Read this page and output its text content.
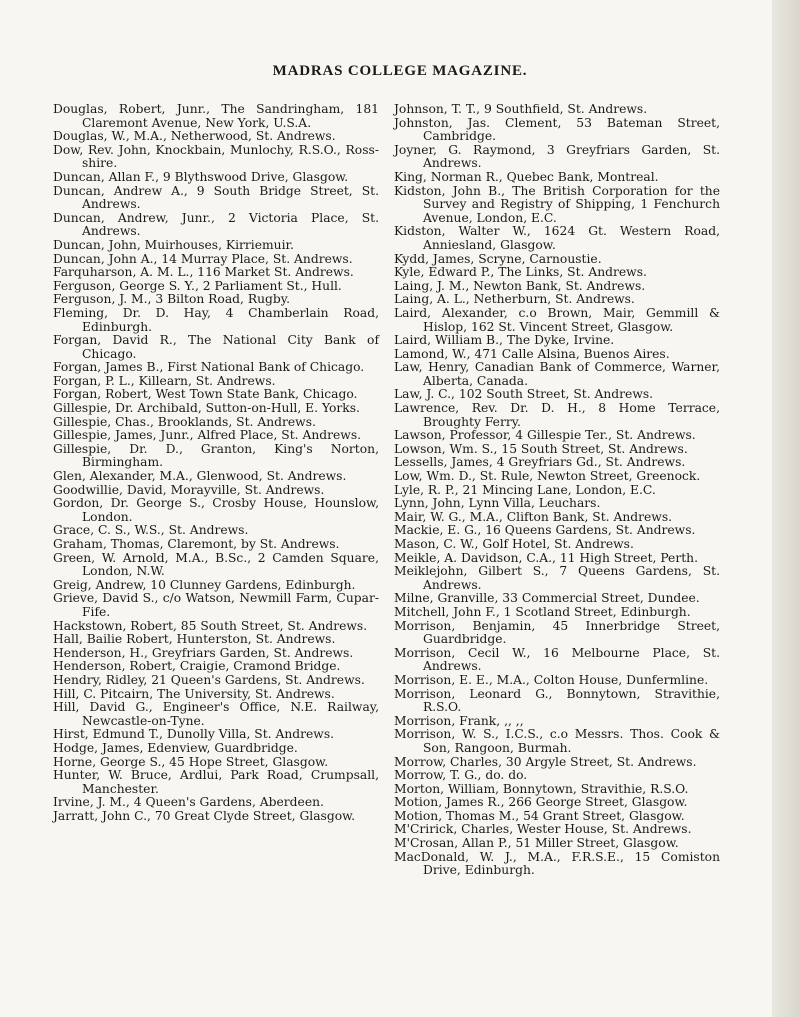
MADRAS COLLEGE MAGAZINE.

Douglas, Robert, Junr., The Sandringham, 181 Claremont Avenue, New York, U.S.A.

Douglas, W., M.A., Netherwood, St. Andrews.

Dow, Rev. John, Knockbain, Munlochy, R.S.O., Ross-shire.

Duncan, Allan F., 9 Blythswood Drive, Glasgow.

Duncan, Andrew A., 9 South Bridge Street, St. Andrews.

Duncan, Andrew, Junr., 2 Victoria Place, St. Andrews.

Duncan, John, Muirhouses, Kirriemuir.

Duncan, John A., 14 Murray Place, St. Andrews.

Farquharson, A. M. L., 116 Market St. Andrews.

Ferguson, George S. Y., 2 Parliament St., Hull.

Ferguson, J. M., 3 Bilton Road, Rugby.

Fleming, Dr. D. Hay, 4 Chamberlain Road, Edinburgh.

Forgan, David R., The National City Bank of Chicago.

Forgan, James B., First National Bank of Chicago.

Forgan, P. L., Killearn, St. Andrews.

Forgan, Robert, West Town State Bank, Chicago.

Gillespie, Dr. Archibald, Sutton-on-Hull, E. Yorks.

Gillespie, Chas., Brooklands, St. Andrews.

Gillespie, James, Junr., Alfred Place, St. Andrews.

Gillespie, Dr. D., Granton, King's Norton, Birmingham.

Glen, Alexander, M.A., Glenwood, St. Andrews.

Goodwillie, David, Morayville, St. Andrews.

Gordon, Dr. George S., Crosby House, Hounslow, London.

Grace, C. S., W.S., St. Andrews.

Graham, Thomas, Claremont, by St. Andrews.

Green, W. Arnold, M.A., B.Sc., 2 Camden Square, London, N.W.

Greig, Andrew, 10 Clunney Gardens, Edinburgh.

Grieve, David S., c/o Watson, Newmill Farm, Cupar-Fife.

Hackstown, Robert, 85 South Street, St. Andrews.

Hall, Bailie Robert, Hunterston, St. Andrews.

Henderson, H., Greyfriars Garden, St. Andrews.

Henderson, Robert, Craigie, Cramond Bridge.

Hendry, Ridley, 21 Queen's Gardens, St. Andrews.

Hill, C. Pitcairn, The University, St. Andrews.

Hill, David G., Engineer's Office, N.E. Railway, Newcastle-on-Tyne.

Hirst, Edmund T., Dunolly Villa, St. Andrews.

Hodge, James, Edenview, Guardbridge.

Horne, George S., 45 Hope Street, Glasgow.

Hunter, W. Bruce, Ardlui, Park Road, Crumpsall, Manchester.

Irvine, J. M., 4 Queen's Gardens, Aberdeen.

Jarratt, John C., 70 Great Clyde Street, Glasgow.

Johnson, T. T., 9 Southfield, St. Andrews.

Johnston, Jas. Clement, 53 Bateman Street, Cambridge.

Joyner, G. Raymond, 3 Greyfriars Garden, St. Andrews.

King, Norman R., Quebec Bank, Montreal.

Kidston, John B., The British Corporation for the Survey and Registry of Shipping, 1 Fenchurch Avenue, London, E.C.

Kidston, Walter W., 1624 Gt. Western Road, Anniesland, Glasgow.

Kydd, James, Scryne, Carnoustie.

Kyle, Edward P., The Links, St. Andrews.

Laing, J. M., Newton Bank, St. Andrews.

Laing, A. L., Netherburn, St. Andrews.

Laird, Alexander, c.o Brown, Mair, Gemmill & Hislop, 162 St. Vincent Street, Glasgow.

Laird, William B., The Dyke, Irvine.

Lamond, W., 471 Calle Alsina, Buenos Aires.

Law, Henry, Canadian Bank of Commerce, Warner, Alberta, Canada.

Law, J. C., 102 South Street, St. Andrews.

Lawrence, Rev. Dr. D. H., 8 Home Terrace, Broughty Ferry.

Lawson, Professor, 4 Gillespie Ter., St. Andrews.

Lowson, Wm. S., 15 South Street, St. Andrews.

Lessells, James, 4 Greyfriars Gd., St. Andrews.

Low, Wm. D., St. Rule, Newton Street, Greenock.

Lyle, R. P., 21 Mincing Lane, London, E.C.

Lynn, John, Lynn Villa, Leuchars.

Mair, W. G., M.A., Clifton Bank, St. Andrews.

Mackie, E. G., 16 Queens Gardens, St. Andrews.

Mason, C. W., Golf Hotel, St. Andrews.

Meikle, A. Davidson, C.A., 11 High Street, Perth.

Meiklejohn, Gilbert S., 7 Queens Gardens, St. Andrews.

Milne, Granville, 33 Commercial Street, Dundee.

Mitchell, John F., 1 Scotland Street, Edinburgh.

Morrison, Benjamin, 45 Innerbridge Street, Guardbridge.

Morrison, Cecil W., 16 Melbourne Place, St. Andrews.

Morrison, E. E., M.A., Colton House, Dunfermline.

Morrison, Leonard G., Bonnytown, Stravithie, R.S.O.

Morrison, Frank, ,, ,,

Morrison, W. S., I.C.S., c.o Messrs. Thos. Cook & Son, Rangoon, Burmah.

Morrow, Charles, 30 Argyle Street, St. Andrews.

Morrow, T. G., do. do.

Morton, William, Bonnytown, Stravithie, R.S.O.

Motion, James R., 266 George Street, Glasgow.

Motion, Thomas M., 54 Grant Street, Glasgow.

M'Cririck, Charles, Wester House, St. Andrews.

M'Crosan, Allan P., 51 Miller Street, Glasgow.

MacDonald, W. J., M.A., F.R.S.E., 15 Comiston Drive, Edinburgh.
